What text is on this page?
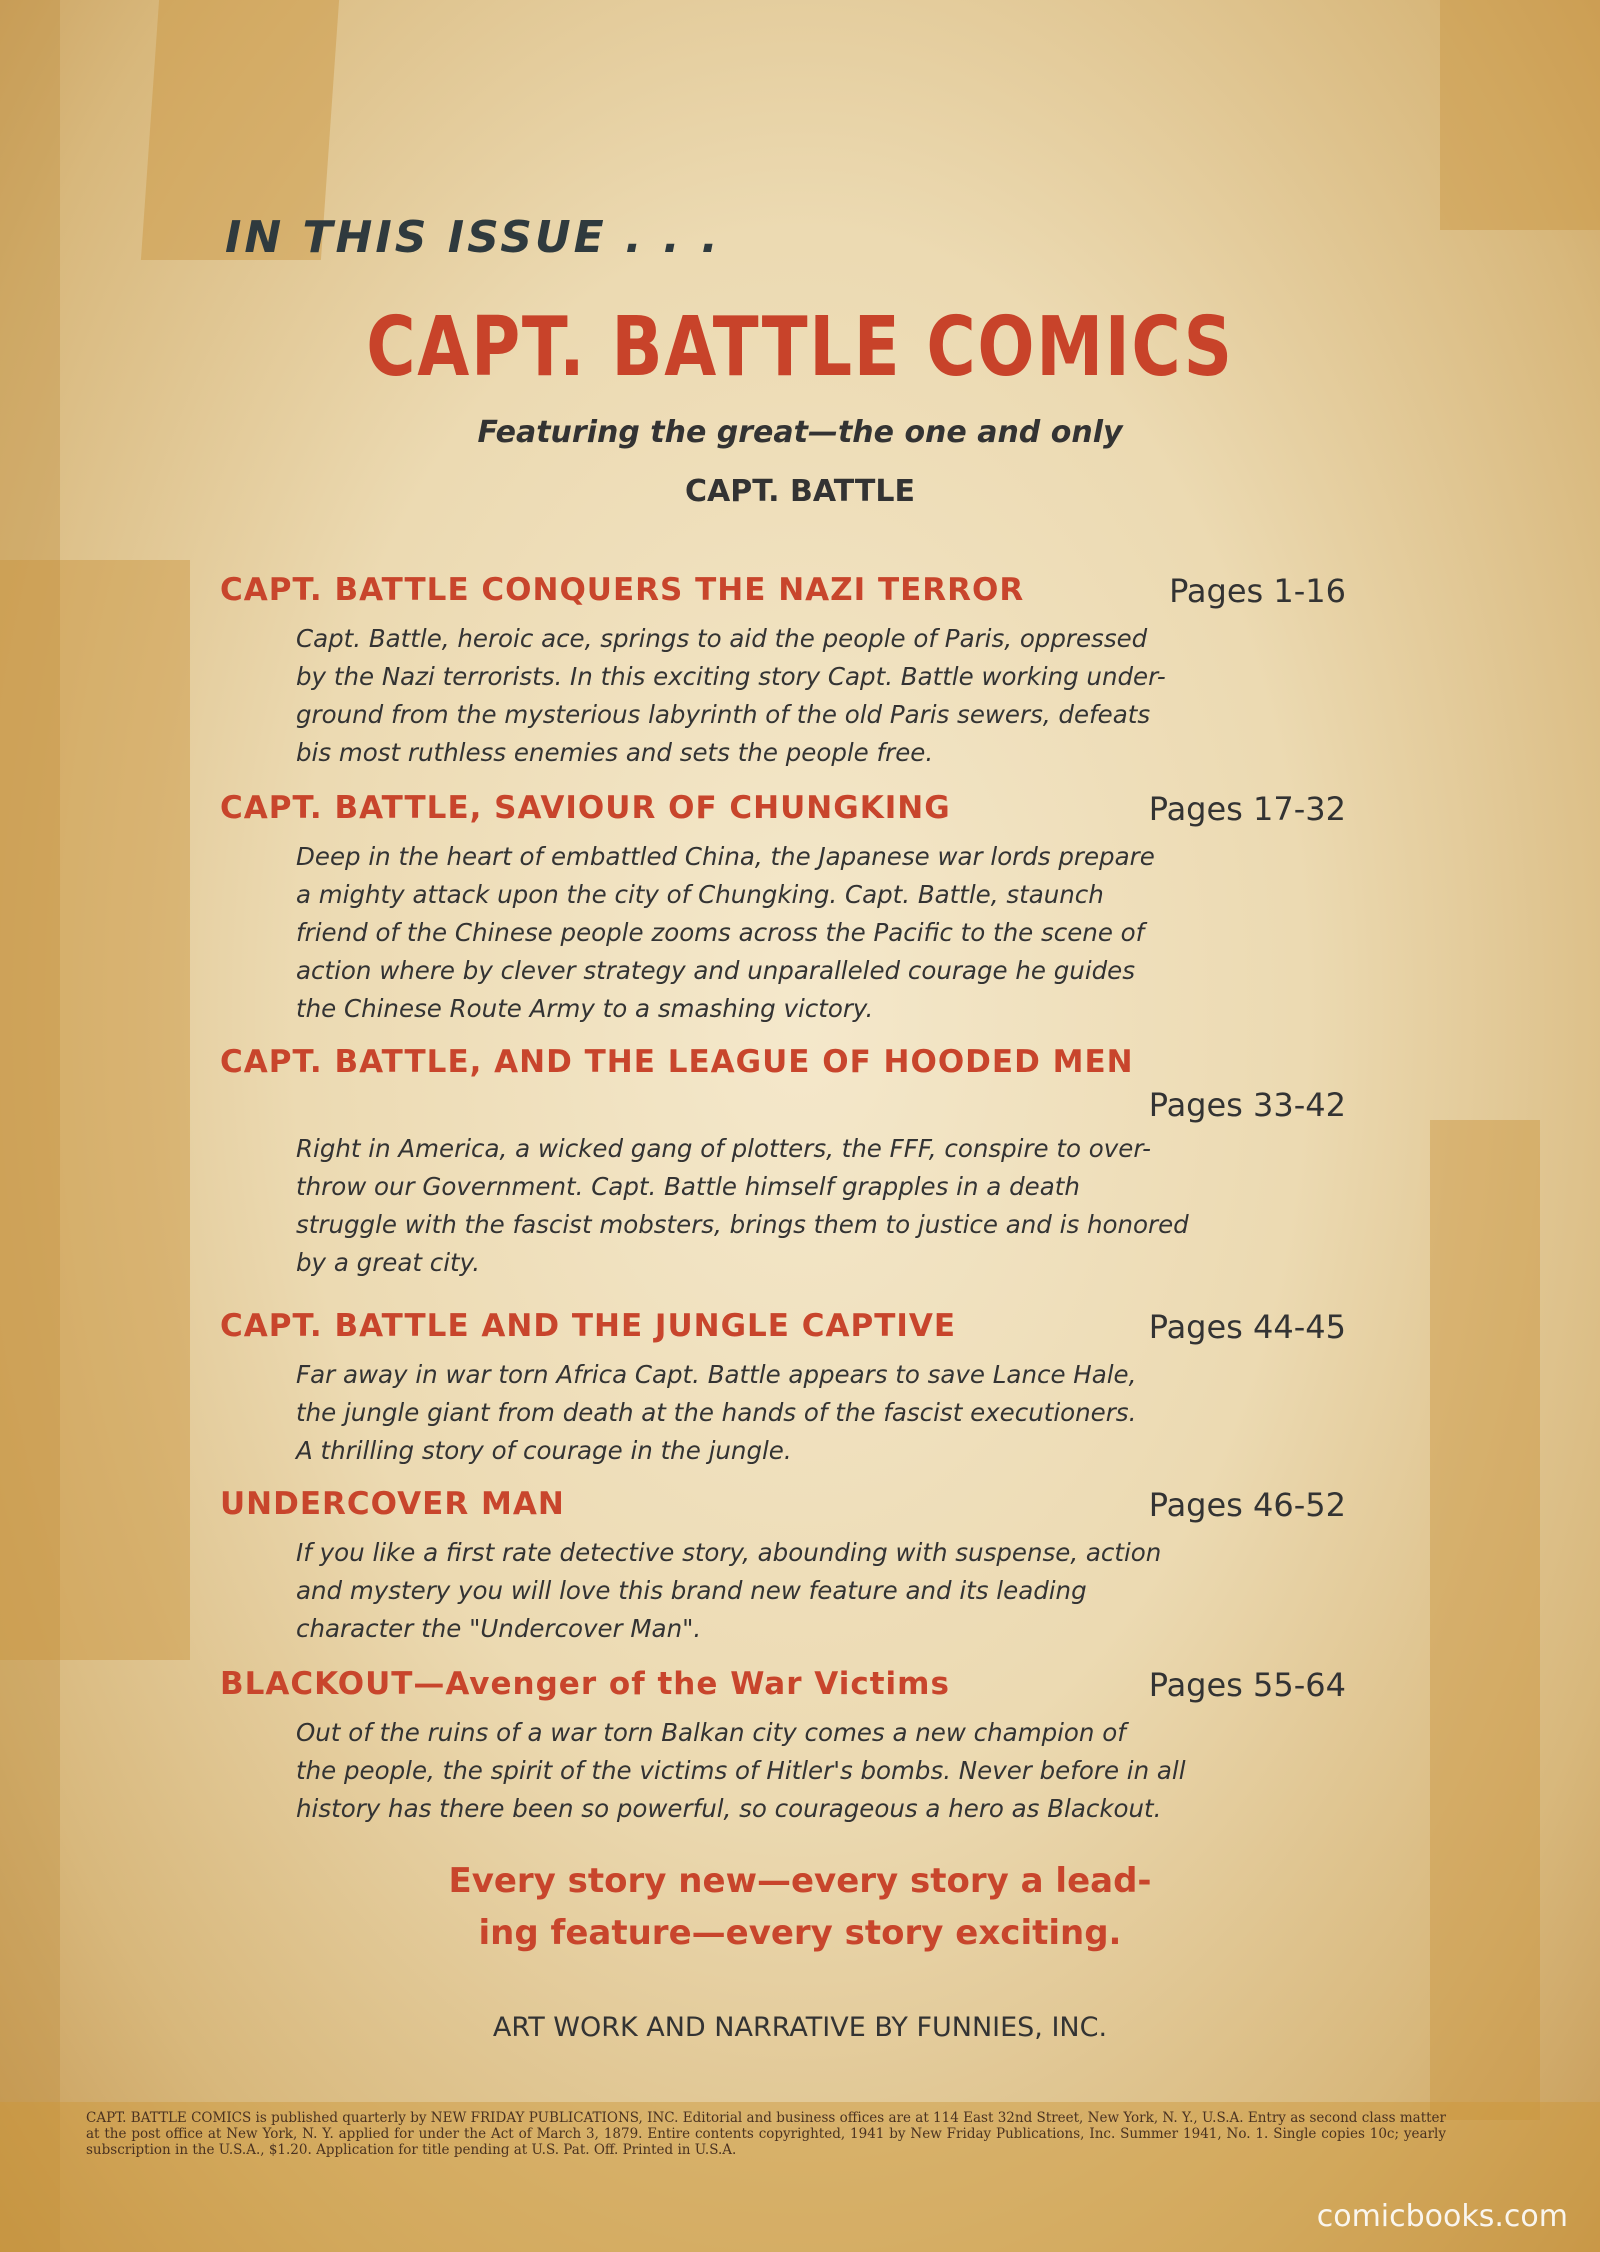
IN THIS ISSUE . . .
CAPT. BATTLE COMICS
Featuring the great—the one and only
CAPT. BATTLE
Pages 1-16
CAPT. BATTLE CONQUERS THE NAZI TERROR
Capt. Battle, heroic ace, springs to aid the people of Paris, oppressed
by the Nazi terrorists. In this exciting story Capt. Battle working under-
ground from the mysterious labyrinth of the old Paris sewers, defeats
bis most ruthless enemies and sets the people free.
Pages 17-32
CAPT. BATTLE, SAVIOUR OF CHUNGKING
Deep in the heart of embattled China, the Japanese war lords prepare
a mighty attack upon the city of Chungking. Capt. Battle, staunch
friend of the Chinese people zooms across the Pacific to the scene of
action where by clever strategy and unparalleled courage he guides
the Chinese Route Army to a smashing victory.
CAPT. BATTLE, AND THE LEAGUE OF HOODED MEN
Pages 33-42
Right in America, a wicked gang of plotters, the FFF, conspire to over-
throw our Government. Capt. Battle himself grapples in a death
struggle with the fascist mobsters, brings them to justice and is honored
by a great city.
Pages 44-45
CAPT. BATTLE AND THE JUNGLE CAPTIVE
Far away in war torn Africa Capt. Battle appears to save Lance Hale,
the jungle giant from death at the hands of the fascist executioners.
A thrilling story of courage in the jungle.
Pages 46-52
UNDERCOVER MAN
If you like a first rate detective story, abounding with suspense, action
and mystery you will love this brand new feature and its leading
character the "Undercover Man".
Pages 55-64
BLACKOUT—Avenger of the War Victims
Out of the ruins of a war torn Balkan city comes a new champion of
the people, the spirit of the victims of Hitler's bombs. Never before in all
history has there been so powerful, so courageous a hero as Blackout.
Every story new—every story a lead-
ing feature—every story exciting.
ART WORK AND NARRATIVE BY FUNNIES, INC.
CAPT. BATTLE COMICS is published quarterly by NEW FRIDAY PUBLICATIONS, INC. Editorial and business offices are at 114 East 32nd Street, New York, N. Y., U.S.A. Entry as second class matter at the post office at New York, N. Y. applied for under the Act of March 3, 1879. Entire contents copyrighted, 1941 by New Friday Publications, Inc. Summer 1941, No. 1. Single copies 10c; yearly subscription in the U.S.A., $1.20. Application for title pending at U.S. Pat. Off. Printed in U.S.A.
comicbooks.com
